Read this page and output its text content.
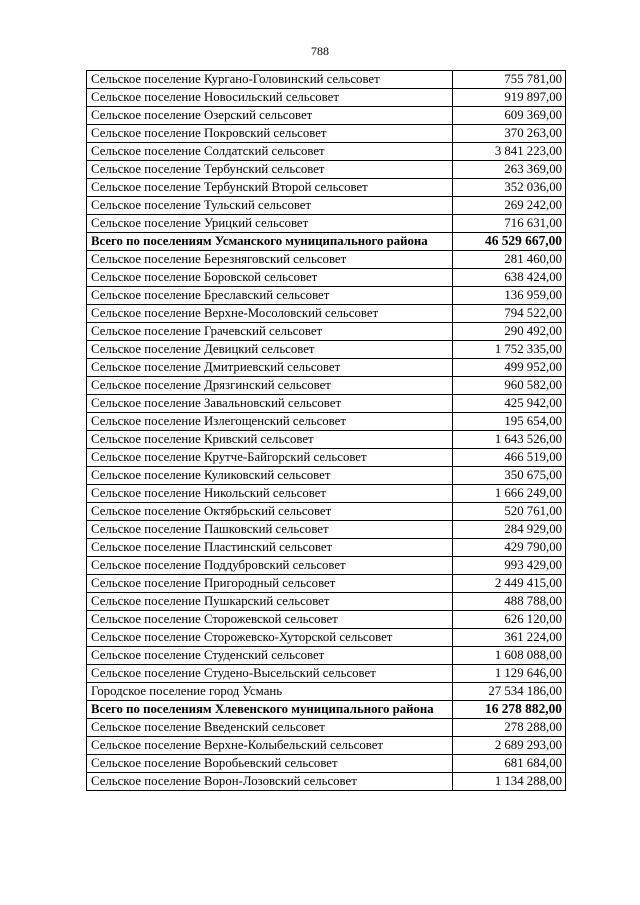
788
Сельское поселение Кургано-Головинский сельсовет	755 781,00
Сельское поселение Новосильский сельсовет	919 897,00
Сельское поселение Озерский сельсовет	609 369,00
Сельское поселение Покровский сельсовет	370 263,00
Сельское поселение Солдатский сельсовет	3 841 223,00
Сельское поселение Тербунский сельсовет	263 369,00
Сельское поселение Тербунский Второй сельсовет	352 036,00
Сельское поселение Тульский сельсовет	269 242,00
Сельское поселение Урицкий сельсовет	716 631,00
Всего по поселениям Усманского муниципального района	46 529 667,00
Сельское поселение Березняговский сельсовет	281 460,00
Сельское поселение Боровской сельсовет	638 424,00
Сельское поселение Бреславский сельсовет	136 959,00
Сельское поселение Верхне-Мосоловский сельсовет	794 522,00
Сельское поселение Грачевский сельсовет	290 492,00
Сельское поселение Девицкий сельсовет	1 752 335,00
Сельское поселение Дмитриевский сельсовет	499 952,00
Сельское поселение Дрязгинский сельсовет	960 582,00
Сельское поселение Завальновский сельсовет	425 942,00
Сельское поселение Излегощенский сельсовет	195 654,00
Сельское поселение Кривский сельсовет	1 643 526,00
Сельское поселение Крутче-Байгорский сельсовет	466 519,00
Сельское поселение Куликовский сельсовет	350 675,00
Сельское поселение Никольский сельсовет	1 666 249,00
Сельское поселение Октябрьский сельсовет	520 761,00
Сельское поселение Пашковский сельсовет	284 929,00
Сельское поселение Пластинский сельсовет	429 790,00
Сельское поселение Поддубровский сельсовет	993 429,00
Сельское поселение Пригородный сельсовет	2 449 415,00
Сельское поселение Пушкарский сельсовет	488 788,00
Сельское поселение Сторожевской сельсовет	626 120,00
Сельское поселение Сторожевско-Хуторской сельсовет	361 224,00
Сельское поселение Студенский сельсовет	1 608 088,00
Сельское поселение Студено-Высельский сельсовет	1 129 646,00
Городское поселение город Усмань	27 534 186,00
Всего по поселениям Хлевенского муниципального района	16 278 882,00
Сельское поселение Введенский сельсовет	278 288,00
Сельское поселение Верхне-Колыбельский сельсовет	2 689 293,00
Сельское поселение Воробьевский сельсовет	681 684,00
Сельское поселение Ворон-Лозовский сельсовет	1 134 288,00
